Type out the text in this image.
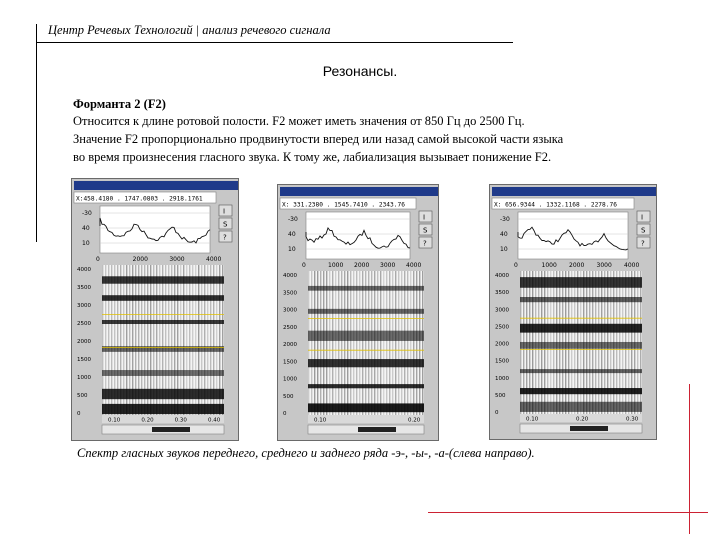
Центр Речевых Технологий | анализ речевого сигнала
Резонансы.
Форманта 2 (F2)
Относится к длине ротовой полости. F2 может иметь значения от 850 Гц до 2500 Гц.
Значение F2 пропорционально продвинутости вперед или назад самой высокой части языка
во время произнесения гласного звука. К тому же, лабиализация вызывает понижение F2.
X:458.4180 . 1747.0803 . 2918.1761
-30
40
10
0	2000	3000	4000
I
S
?
4000
3500
3000
2500
2000
1500
1000
500
0
0.10	0.20	0.30	0.40
X: 331.2380 . 1545.7410 . 2343.76
-30
40
10
0	1000 2000 3000 4000
I
S
?
4000
3500
3000
2500
2000
1500
1000
500
0
0.10	0.20
X: 656.9344 . 1332.1168 . 2278.76
-30
40
10
0	1000 2000 3000 4000
I
S
?
4000
3500
3000
2500
2000
1500
1000
500
0
0.10	0.20	0.30
Спектр гласных звуков переднего, среднего и заднего ряда -э-, -ы-, -а-(слева направо).
